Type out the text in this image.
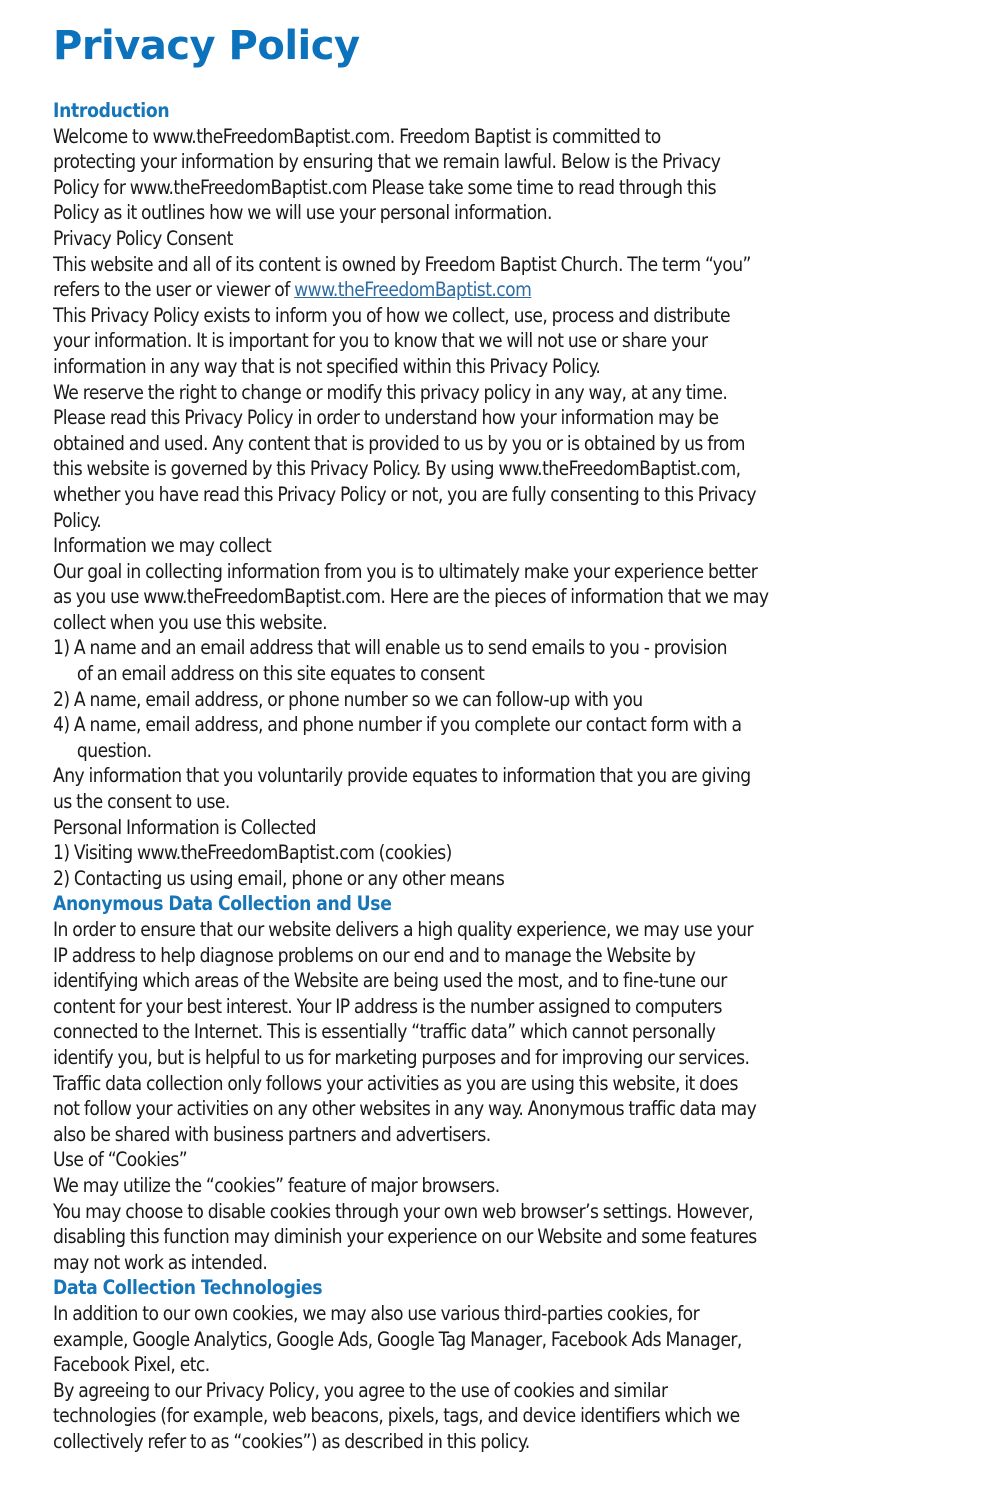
Privacy Policy
Introduction
Welcome to www.theFreedomBaptist.com. Freedom Baptist is committed to
protecting your information by ensuring that we remain lawful. Below is the Privacy
Policy for www.theFreedomBaptist.com Please take some time to read through this
Policy as it outlines how we will use your personal information.
Privacy Policy Consent
This website and all of its content is owned by Freedom Baptist Church. The term “you”
refers to the user or viewer of www.theFreedomBaptist.com
This Privacy Policy exists to inform you of how we collect, use, process and distribute
your information. It is important for you to know that we will not use or share your
information in any way that is not specified within this Privacy Policy.
We reserve the right to change or modify this privacy policy in any way, at any time.
Please read this Privacy Policy in order to understand how your information may be
obtained and used. Any content that is provided to us by you or is obtained by us from
this website is governed by this Privacy Policy. By using www.theFreedomBaptist.com,
whether you have read this Privacy Policy or not, you are fully consenting to this Privacy
Policy.
Information we may collect
Our goal in collecting information from you is to ultimately make your experience better
as you use www.theFreedomBaptist.com. Here are the pieces of information that we may
collect when you use this website.
1) A name and an email address that will enable us to send emails to you - provision
of an email address on this site equates to consent
2) A name, email address, or phone number so we can follow-up with you
4) A name, email address, and phone number if you complete our contact form with a
question.
Any information that you voluntarily provide equates to information that you are giving
us the consent to use.
Personal Information is Collected
1) Visiting www.theFreedomBaptist.com (cookies)
2) Contacting us using email, phone or any other means
Anonymous Data Collection and Use
In order to ensure that our website delivers a high quality experience, we may use your
IP address to help diagnose problems on our end and to manage the Website by
identifying which areas of the Website are being used the most, and to fine-tune our
content for your best interest. Your IP address is the number assigned to computers
connected to the Internet. This is essentially “traffic data” which cannot personally
identify you, but is helpful to us for marketing purposes and for improving our services.
Traffic data collection only follows your activities as you are using this website, it does
not follow your activities on any other websites in any way. Anonymous traffic data may
also be shared with business partners and advertisers.
Use of “Cookies”
We may utilize the “cookies” feature of major browsers.
You may choose to disable cookies through your own web browser’s settings. However,
disabling this function may diminish your experience on our Website and some features
may not work as intended.
Data Collection Technologies
In addition to our own cookies, we may also use various third-parties cookies, for
example, Google Analytics, Google Ads, Google Tag Manager, Facebook Ads Manager,
Facebook Pixel, etc.
By agreeing to our Privacy Policy, you agree to the use of cookies and similar
technologies (for example, web beacons, pixels, tags, and device identifiers which we
collectively refer to as “cookies”) as described in this policy.
